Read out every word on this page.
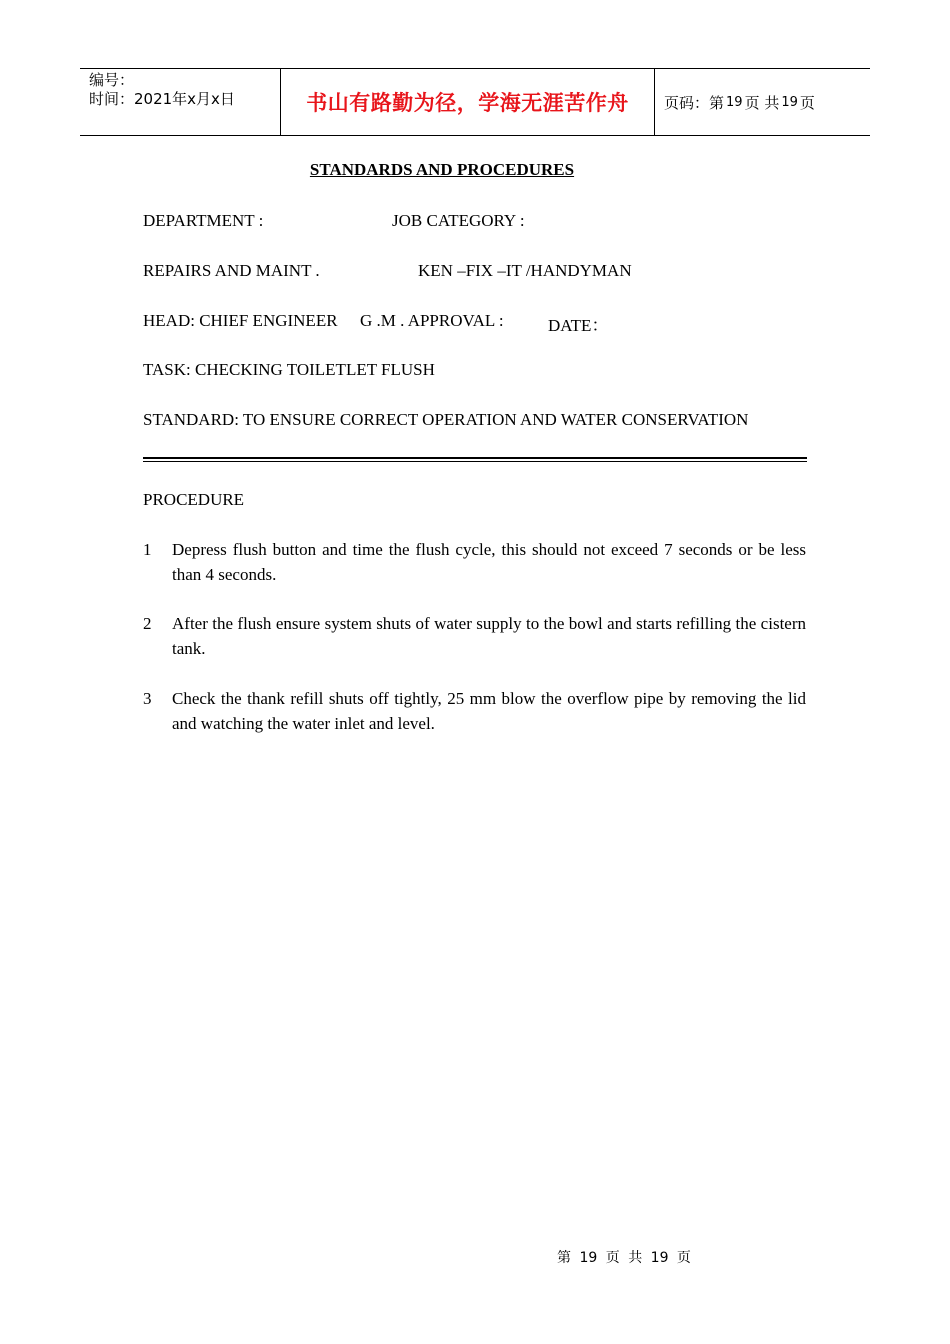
编号：
时间：2021年x月x日	书山有路勤为径，学海无涯苦作舟 页码：第 19 页 共 19 页
STANDARDS AND PROCEDURES
DEPARTMENT :	JOB CATEGORY :
REPAIRS AND MAINT .	KEN –FIX –IT /HANDYMAN
HEAD: CHIEF ENGINEER G .M . APPROVAL :	DATE：
TASK: CHECKING TOILETLET FLUSH
STANDARD: TO ENSURE CORRECT OPERATION AND WATER CONSERVATION
PROCEDURE
1 Depress flush button and time the flush cycle, this should not exceed 7 seconds or be less than 4 seconds.
2 After the flush ensure system shuts of water supply to the bowl and starts refilling the cistern tank.
3 Check the thank refill shuts off tightly, 25 mm blow the overflow pipe by removing the lid and watching the water inlet and level.
第 19 页 共 19 页
